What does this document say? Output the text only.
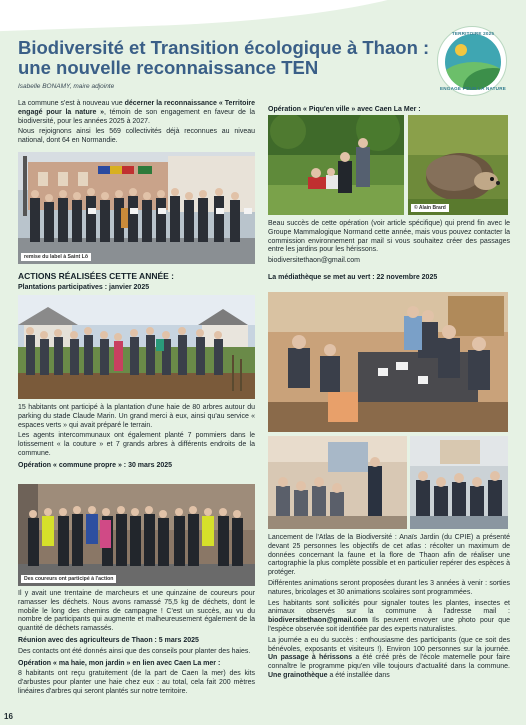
Biodiversité et Transition écologique à Thaon : une nouvelle reconnaissance TEN
Isabelle BONAMY, maire adjointe
TERRITOIRE 2025
ENGAGÉ POUR LA NATURE

La commune s'est à nouveau vue décerner la reconnaissance « Territoire engagé pour la nature », témoin de son engagement en faveur de la biodiversité, pour les années 2025 à 2027.

Nous rejoignons ainsi les 569 collectivités déjà reconnues au niveau national, dont 64 en Normandie.

remise du label à Saint Lô
ACTIONS RÉALISÉES CETTE ANNÉE :
Plantations participatives : janvier 2025

15 habitants ont participé à la plantation d'une haie de 80 arbres autour du parking du stade Claude Marin. Un grand merci à eux, ainsi qu'au service « espaces verts » qui avait préparé le terrain.

Les agents intercommunaux ont également planté 7 pommiers dans le lotissement « la couture » et 7 grands arbres à différents endroits de la commune.

Opération « commune propre » : 30 mars 2025
Des coureurs ont participé à l'action

Il y avait une trentaine de marcheurs et une quinzaine de coureurs pour ramasser les déchets. Nous avons ramassé 75,5 kg de déchets, dont le mobile le long des chemins de campagne ! C'est un succès, au vu du nombre de participants qui augmente et malheureusement également de la quantité de déchets ramassés.

Réunion avec des agriculteurs de Thaon : 5 mars 2025

Des contacts ont été donnés ainsi que des conseils pour planter des haies.

Opération « ma haie, mon jardin » en lien avec Caen La mer :

8 habitants ont reçu gratuitement (de la part de Caen la mer) des kits d'arbustes pour planter une haie chez eux : au total, cela fait 200 mètres linéaires d'arbres qui seront plantés sur notre territoire.

Opération « Piqu'en ville » avec Caen La Mer :
© Alain Brard

Beau succès de cette opération (voir article spécifique) qui prend fin avec le Groupe Mammalogique Normand cette année, mais vous pouvez contacter la commission environnement par mail si vous souhaitez créer des passages entre les jardins pour les hérissons.

biodiversitethaon@gmail.com

La médiathèque se met au vert : 22 novembre 2025

Lancement de l'Atlas de la Biodiversité : Anaïs Jardin (du CPIE) a présenté devant 25 personnes les objectifs de cet atlas : récolter un maximum de données concernant la faune et la flore de Thaon afin de réaliser une cartographie la plus complète possible et en particulier repérer des espèces à protéger.

Différentes animations seront proposées durant les 3 années à venir : sorties natures, bricolages et 30 animations scolaires sont programmées.

Les habitants sont sollicités pour signaler toutes les plantes, insectes et animaux observés sur la commune à l'adresse mail : biodiversitethaon@gmail.com Ils peuvent envoyer une photo pour que l'espèce observée soit identifiée par des experts naturalistes.

La journée a eu du succès : enthousiasme des participants (que ce soit des bénévoles, exposants et visiteurs !). Environ 100 personnes sur la journée. Un passage à hérissons a été créé près de l'école maternelle pour faire connaître le programme piqu'en ville toujours d'actualité dans la commune. Une grainothèque a été installée dans

16
